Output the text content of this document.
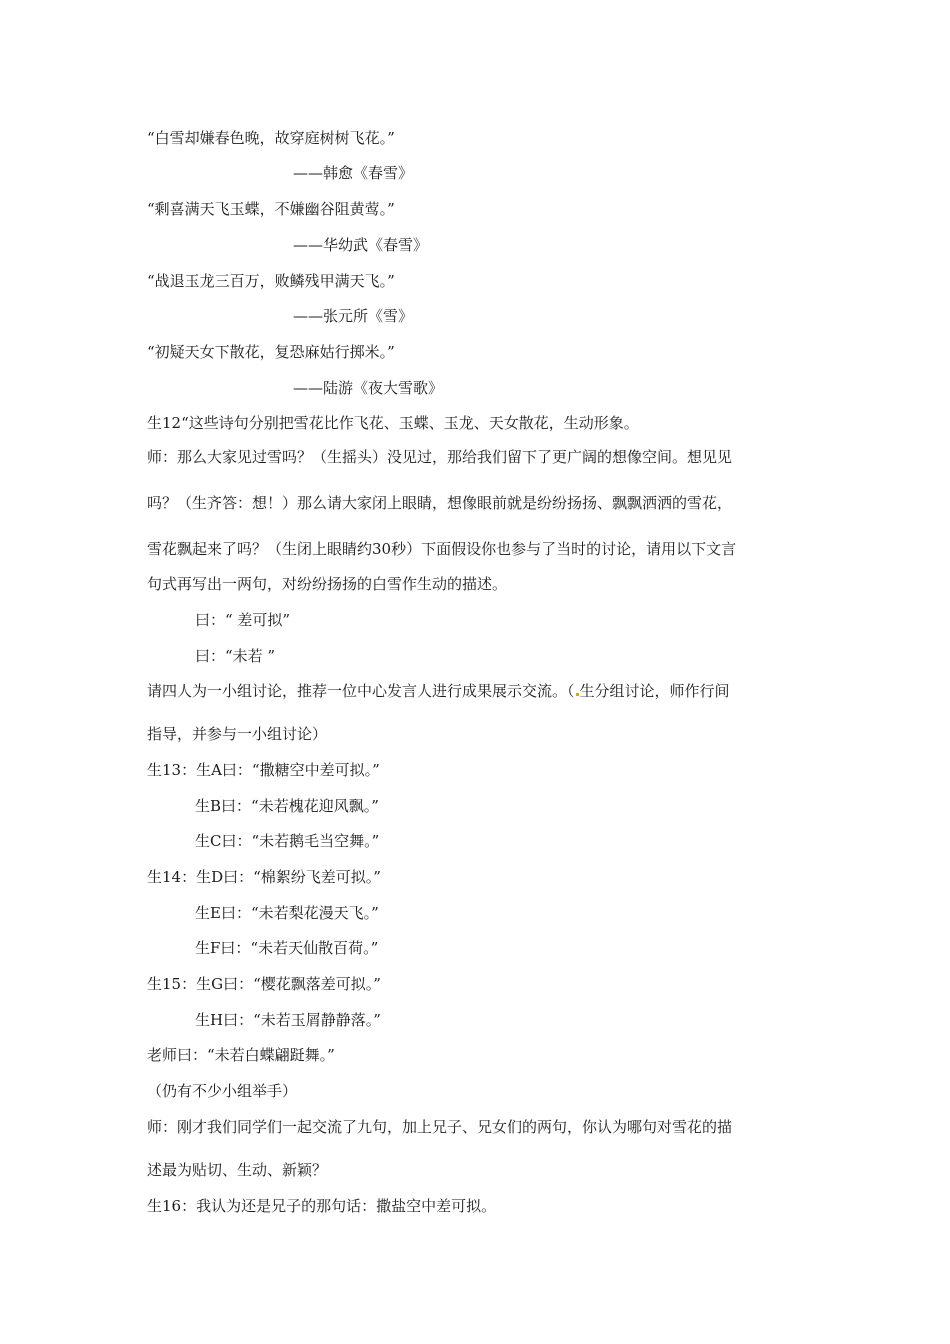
“白雪却嫌春色晚，故穿庭树树飞花。”
——韩愈《春雪》
“剩喜满天飞玉蝶，不嫌幽谷阻黄莺。”
——华幼武《春雪》
“战退玉龙三百万，败鳞残甲满天飞。”
——张元所《雪》
“初疑天女下散花，复恐麻姑行掷米。”
——陆游《夜大雪歌》
生12“这些诗句分别把雪花比作飞花、玉蝶、玉龙、天女散花，生动形象。
师：那么大家见过雪吗？（生摇头）没见过，那给我们留下了更广阔的想像空间。想见见
吗？（生齐答：想！）那么请大家闭上眼睛，想像眼前就是纷纷扬扬、飘飘洒洒的雪花，
雪花飘起来了吗？（生闭上眼睛约30秒）下面假设你也参与了当时的讨论，请用以下文言
句式再写出一两句，对纷纷扬扬的白雪作生动的描述。
曰：“ 差可拟”
曰：“未若 ”
请四人为一小组讨论，推荐一位中心发言人进行成果展示交流。（ 生分组讨论，师作行间
指导，并参与一小组讨论）
生13：生A曰：“撒糖空中差可拟。”
生B曰：“未若槐花迎风飘。”
生C曰：“未若鹅毛当空舞。”
生14：生D曰：“棉絮纷飞差可拟。”
生E曰：“未若梨花漫天飞。”
生F曰：“未若天仙散百荷。”
生15：生G曰：“樱花飘落差可拟。”
生H曰：“未若玉屑静静落。”
老师曰：“未若白蝶翩跹舞。”
（仍有不少小组举手）
师：刚才我们同学们一起交流了九句，加上兄子、兄女们的两句，你认为哪句对雪花的描
述最为贴切、生动、新颖？
生16：我认为还是兄子的那句话：撒盐空中差可拟。
